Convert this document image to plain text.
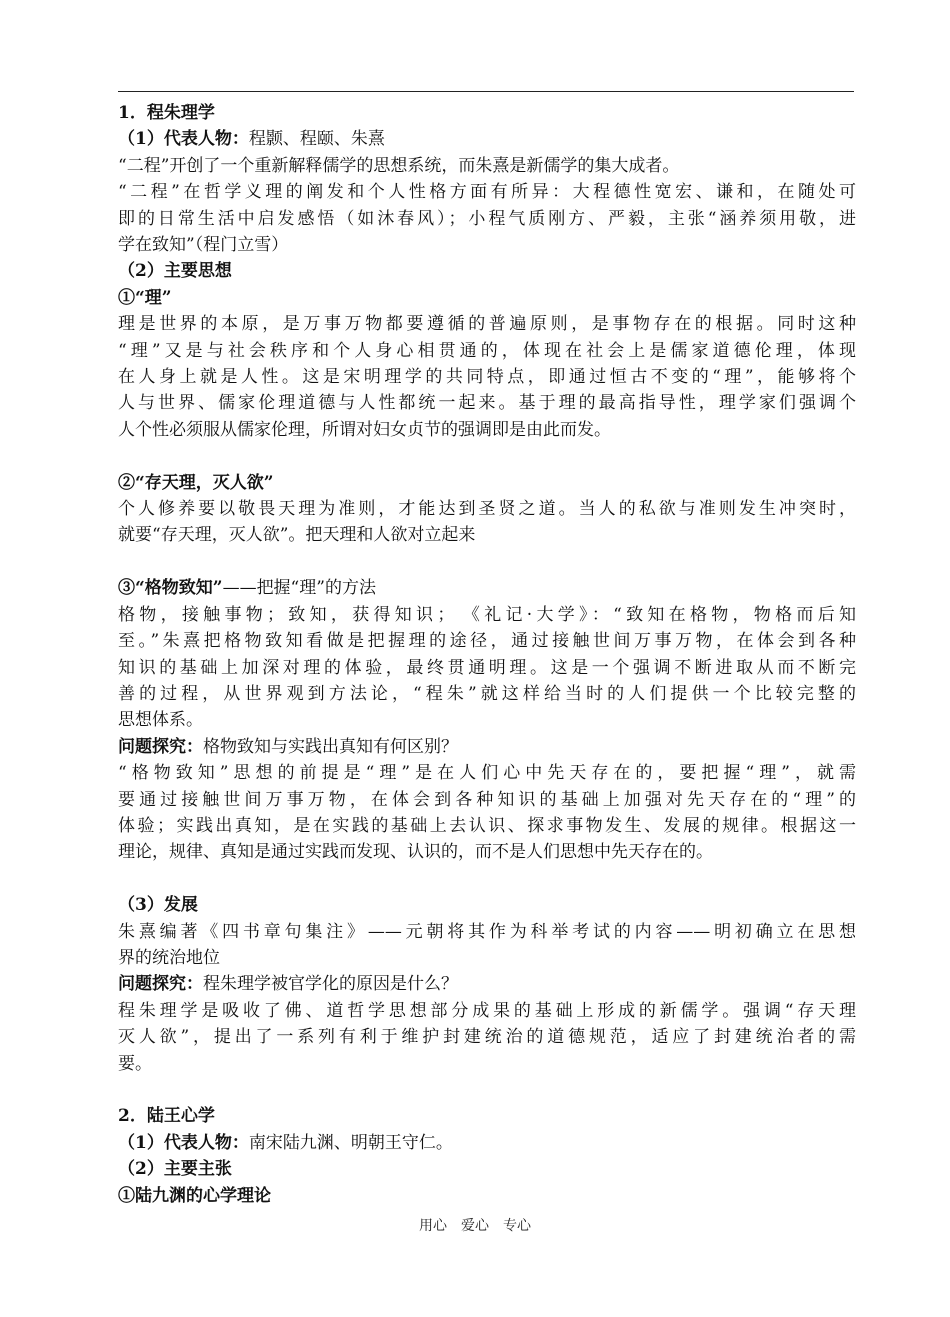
1．程朱理学
（1）代表人物：程颢、程颐、朱熹
“二程”开创了一个重新解释儒学的思想系统，而朱熹是新儒学的集大成者。
“二程”在哲学义理的阐发和个人性格方面有所异：大程德性宽宏、谦和，在随处可
即的日常生活中启发感悟（如沐春风）；小程气质刚方、严毅，主张“涵养须用敬，进
学在致知”（程门立雪）
（2）主要思想
①“理”
理是世界的本原，是万事万物都要遵循的普遍原则，是事物存在的根据。同时这种
“理”又是与社会秩序和个人身心相贯通的，体现在社会上是儒家道德伦理，体现
在人身上就是人性。这是宋明理学的共同特点，即通过恒古不变的“理”，能够将个
人与世界、儒家伦理道德与人性都统一起来。基于理的最高指导性，理学家们强调个
人个性必须服从儒家伦理，所谓对妇女贞节的强调即是由此而发。
②“存天理，灭人欲”
个人修养要以敬畏天理为准则，才能达到圣贤之道。当人的私欲与准则发生冲突时，
就要“存天理，灭人欲”。把天理和人欲对立起来
③“格物致知”——把握“理”的方法
格物，接触事物；致知，获得知识；　《礼记·大学》：“致知在格物，物格而后知
至。”朱熹把格物致知看做是把握理的途径，通过接触世间万事万物，在体会到各种
知识的基础上加深对理的体验，最终贯通明理。这是一个强调不断进取从而不断完
善的过程，从世界观到方法论，“程朱”就这样给当时的人们提供一个比较完整的
思想体系。
问题探究：格物致知与实践出真知有何区别？
“格物致知”思想的前提是“理”是在人们心中先天存在的，要把握“理”，就需
要通过接触世间万事万物，在体会到各种知识的基础上加强对先天存在的“理”的
体验；实践出真知，是在实践的基础上去认识、探求事物发生、发展的规律。根据这一
理论，规律、真知是通过实践而发现、认识的，而不是人们思想中先天存在的。
（3）发展
朱熹编著《四书章句集注》——元朝将其作为科举考试的内容——明初确立在思想
界的统治地位
问题探究：程朱理学被官学化的原因是什么？
程朱理学是吸收了佛、道哲学思想部分成果的基础上形成的新儒学。强调“存天理
灭人欲”，提出了一系列有利于维护封建统治的道德规范，适应了封建统治者的需
要。
2．陆王心学
（1）代表人物：南宋陆九渊、明朝王守仁。
（2）主要主张
①陆九渊的心学理论
用心　爱心　专心
